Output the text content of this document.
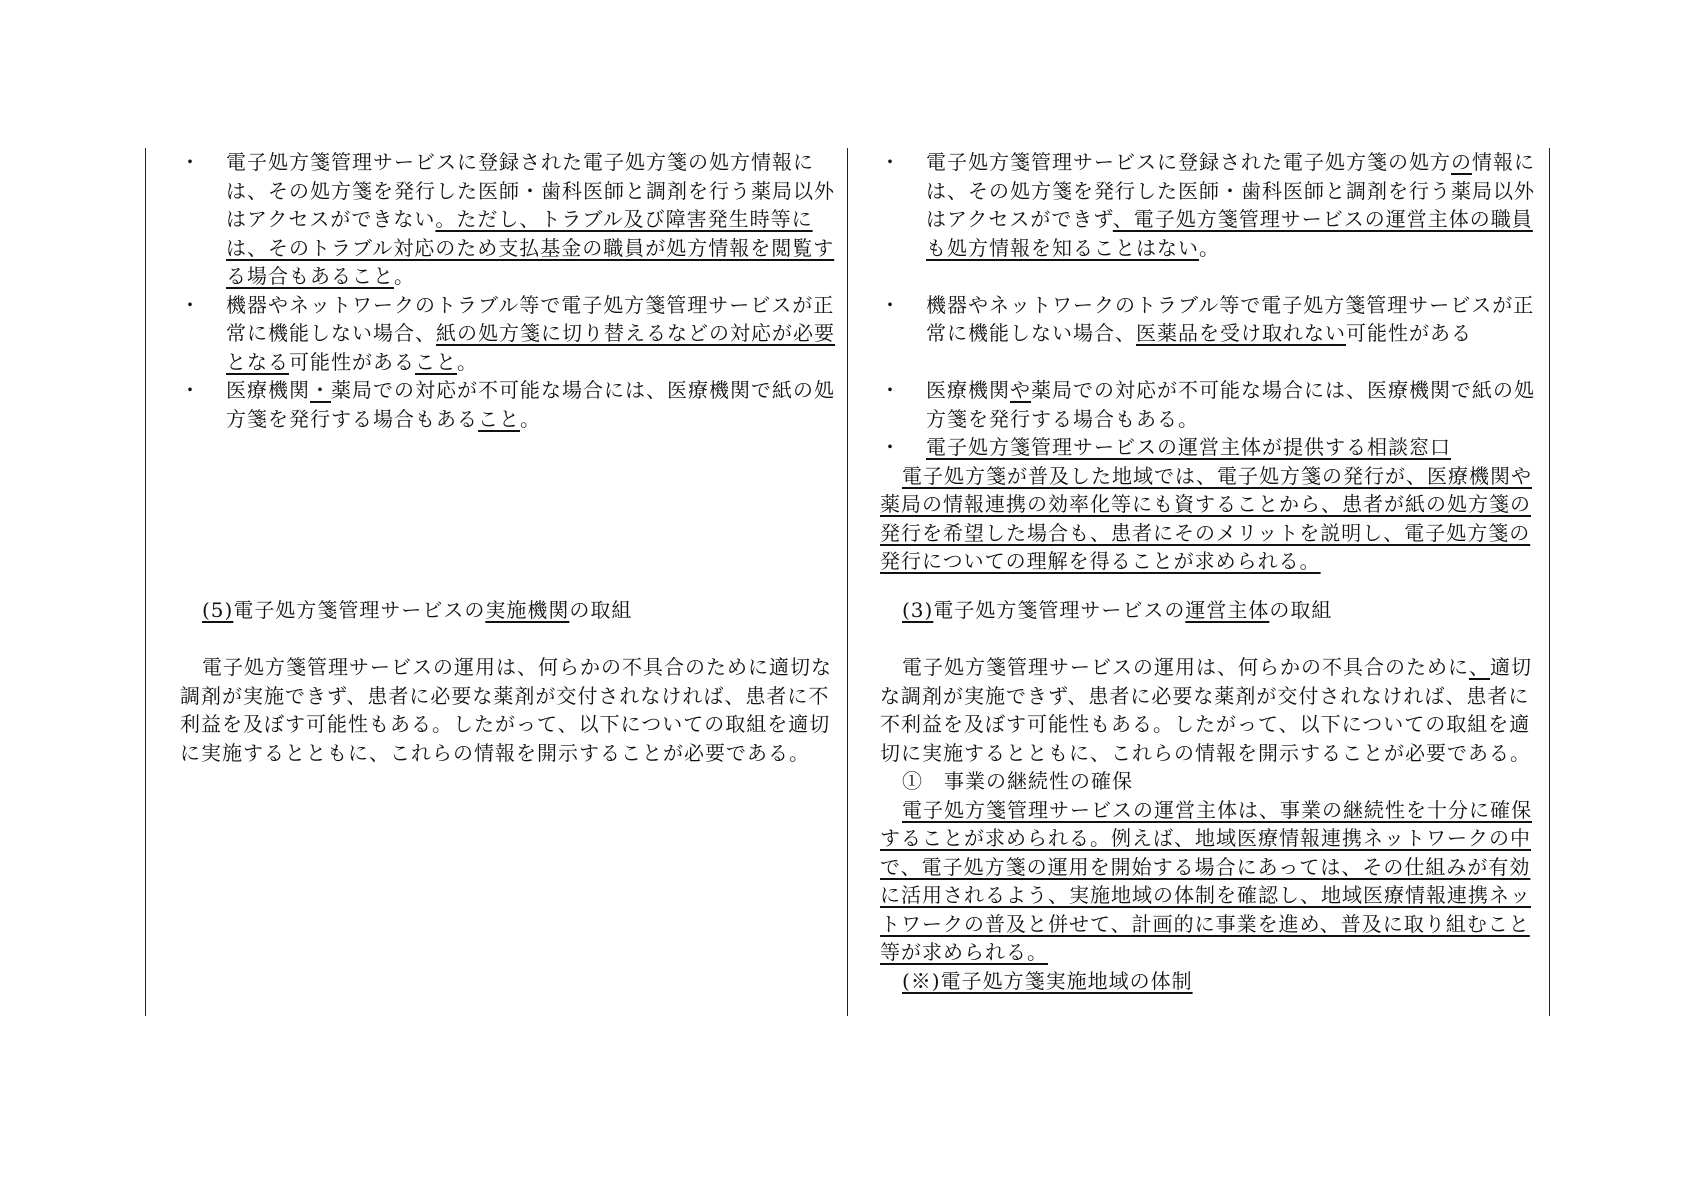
・ 電子処方箋管理サービスに登録された電子処方箋の処方情報には、その処方箋を発行した医師・歯科医師と調剤を行う薬局以外はアクセスができない。ただし、トラブル及び障害発生時等には、そのトラブル対応のため支払基金の職員が処方情報を閲覧する場合もあること。

・ 機器やネットワークのトラブル等で電子処方箋管理サービスが正常に機能しない場合、紙の処方箋に切り替えるなどの対応が必要となる可能性があること。

・ 医療機関・薬局での対応が不可能な場合には、医療機関で紙の処方箋を発行する場合もあること。

(5)電子処方箋管理サービスの実施機関の取組

電子処方箋管理サービスの運用は、何らかの不具合のために適切な調剤が実施できず、患者に必要な薬剤が交付されなければ、患者に不利益を及ぼす可能性もある。したがって、以下についての取組を適切に実施するとともに、これらの情報を開示することが必要である。

・ 電子処方箋管理サービスに登録された電子処方箋の処方の情報には、その処方箋を発行した医師・歯科医師と調剤を行う薬局以外はアクセスができず、電子処方箋管理サービスの運営主体の職員も処方情報を知ることはない。

・ 機器やネットワークのトラブル等で電子処方箋管理サービスが正常に機能しない場合、医薬品を受け取れない可能性がある

・ 医療機関や薬局での対応が不可能な場合には、医療機関で紙の処方箋を発行する場合もある。

・ 電子処方箋管理サービスの運営主体が提供する相談窓口

電子処方箋が普及した地域では、電子処方箋の発行が、医療機関や薬局の情報連携の効率化等にも資することから、患者が紙の処方箋の発行を希望した場合も、患者にそのメリットを説明し、電子処方箋の発行についての理解を得ることが求められる。

(3)電子処方箋管理サービスの運営主体の取組

電子処方箋管理サービスの運用は、何らかの不具合のために、適切な調剤が実施できず、患者に必要な薬剤が交付されなければ、患者に不利益を及ぼす可能性もある。したがって、以下についての取組を適切に実施するとともに、これらの情報を開示することが必要である。

①　 事業の継続性の確保

電子処方箋管理サービスの運営主体は、事業の継続性を十分に確保することが求められる。例えば、地域医療情報連携ネットワークの中で、電子処方箋の運用を開始する場合にあっては、その仕組みが有効に活用されるよう、実施地域の体制を確認し、地域医療情報連携ネットワークの普及と併せて、計画的に事業を進め、普及に取り組むこと等が求められる。

(※)電子処方箋実施地域の体制
